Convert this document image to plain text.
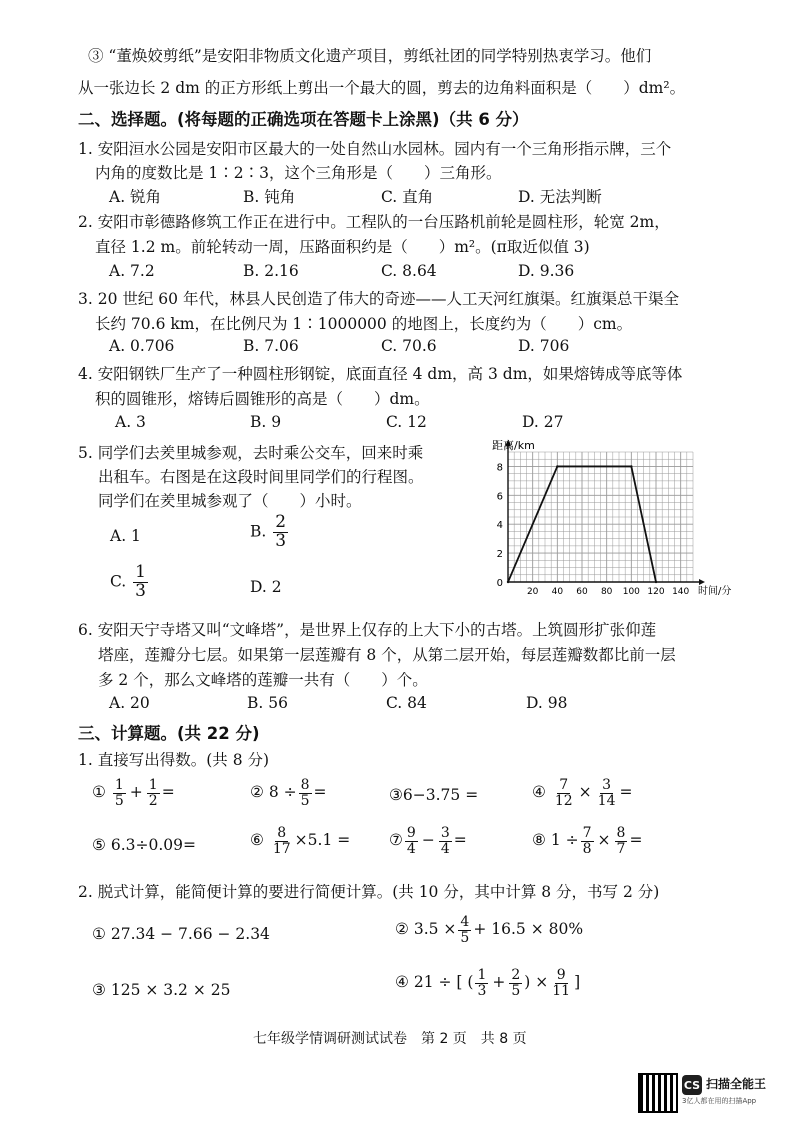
③ “董焕姣剪纸”是安阳非物质文化遗产项目，剪纸社团的同学特别热衷学习。他们
从一张边长 2 dm 的正方形纸上剪出一个最大的圆，剪去的边角料面积是（　　）dm²。
二、选择题。(将每题的正确选项在答题卡上涂黑)（共 6 分）
1. 安阳洹水公园是安阳市区最大的一处自然山水园林。园内有一个三角形指示牌，三个
内角的度数比是 1∶2∶3，这个三角形是（　　）三角形。
A. 锐角	B. 钝角	C. 直角	D. 无法判断
2. 安阳市彰德路修筑工作正在进行中。工程队的一台压路机前轮是圆柱形，轮宽 2m，
直径 1.2 m。前轮转动一周，压路面积约是（　　）m²。(π取近似值 3)
A. 7.2	B. 2.16	C. 8.64	D. 9.36
3. 20 世纪 60 年代，林县人民创造了伟大的奇迹——人工天河红旗渠。红旗渠总干渠全
长约 70.6 km，在比例尺为 1∶1000000 的地图上，长度约为（　　）cm。
A. 0.706	B. 7.06	C. 70.6	D. 706
4. 安阳钢铁厂生产了一种圆柱形钢锭，底面直径 4 dm，高 3 dm，如果熔铸成等底等体
积的圆锥形，熔铸后圆锥形的高是（　　）dm。
A. 3	B. 9	C. 12	D. 27
5. 同学们去羑里城参观，去时乘公交车，回来时乘
出租车。右图是在这段时间里同学们的行程图。
同学们在羑里城参观了（　　）小时。
A. 1	B. $\frac{2}{3}$
C. $\frac{1}{3}$	D. 2	20 40 60 80 100 120 140
0
2
4
6
8
距离/km
时间/分
6. 安阳天宁寺塔又叫“文峰塔”，是世界上仅存的上大下小的古塔。上筑圆形扩张仰莲
塔座，莲瓣分七层。如果第一层莲瓣有 8 个，从第二层开始，每层莲瓣数都比前一层
多 2 个，那么文峰塔的莲瓣一共有（　　）个。
A. 20	B. 56	C. 84	D. 98
三、计算题。(共 22 分)
1. 直接写出得数。(共 8 分)
① $\frac{1}{5} + \frac{1}{2}$ =	② $8 \div \frac{8}{5}$ =	③6−3.75 =	④ $\frac{7}{12} \times \frac{3}{14}$ =
⑤ 6.3÷0.09=	⑥ $\frac{8}{17} \times 5.1$ =	⑦ $\frac{9}{4} - \frac{3}{4}$ =	⑧ $1 \div \frac{7}{8} \times \frac{8}{7}$ =
2. 脱式计算，能简便计算的要进行简便计算。(共 10 分，其中计算 8 分，书写 2 分)
① 27.34 − 7.66 − 2.34	② $3.5 \times \frac{4}{5} + 16.5 \times 80\%$
③ 125 × 3.2 × 25	④ 21 ÷ [ ( $\frac{1}{3} + \frac{2}{5}$ ) × $\frac{9}{11}$ ]
七年级学情调研测试试卷　第 2 页　共 8 页
CS 扫描全能王
3亿人都在用的扫描App
